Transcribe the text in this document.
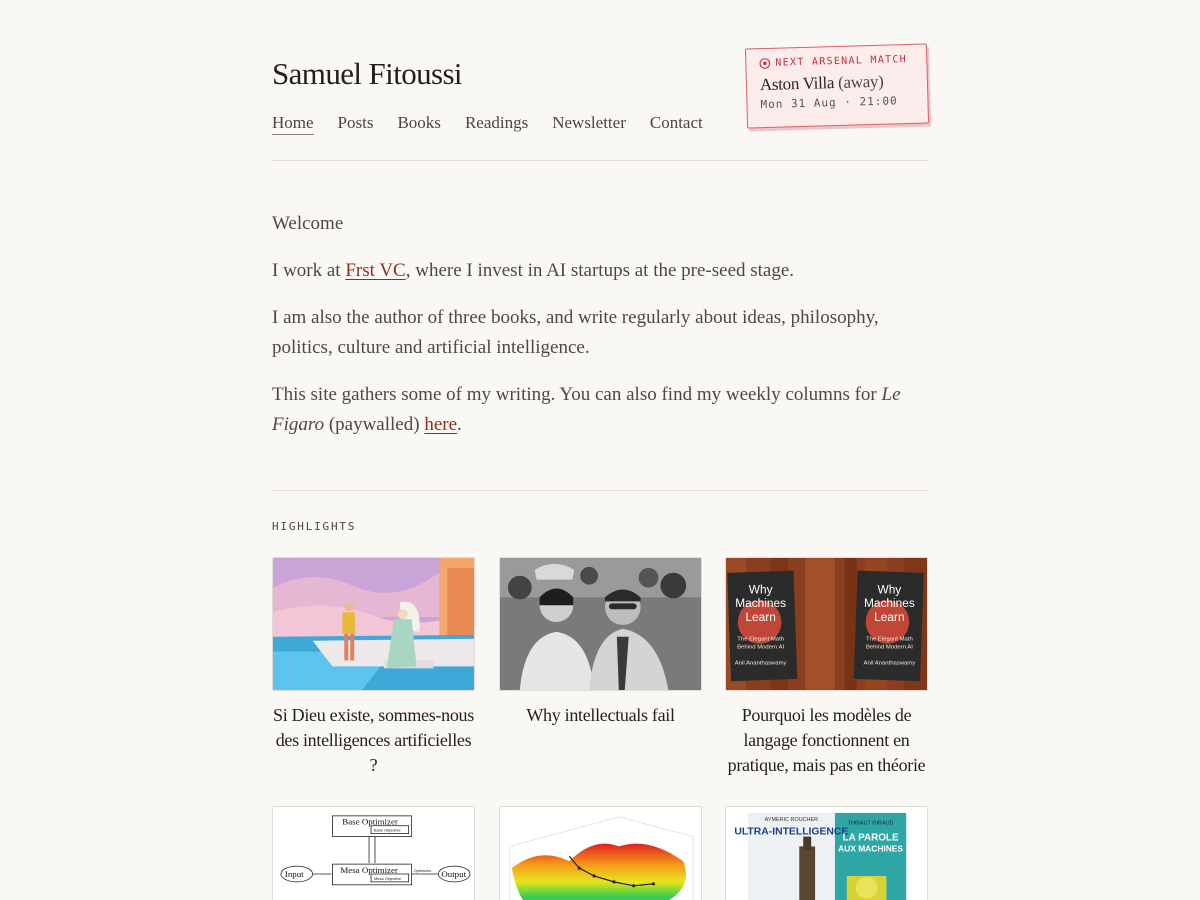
Samuel Fitoussi
Home Posts Books Readings Newsletter Contact
NEXT ARSENAL MATCH
Aston Villa (away)
Mon 31 Aug · 21:00

Welcome

I work at Frst VC, where I invest in AI startups at the pre-seed stage.

I am also the author of three books, and write regularly about ideas, philosophy, politics, culture and artificial intelligence.

This site gathers some of my writing. You can also find my weekly columns for Le Figaro (paywalled) here.

HIGHLIGHTS
Si Dieu existe, sommes-nous des intelligences artificielles ?
Why intellectuals fail
Why
Machines
Learn
Why
Machines
Learn
The Elegant Math
Behind Modern AI
Anil Ananthaswamy
The Elegant Math
Behind Modern AI
Anil Ananthaswamy
Pourquoi les modèles de langage fonctionnent en pratique, mais pas en théorie
Base Optimizer
Mesa Optimizer
Input	Output
Base Objective
Mesa Objective
Optimizes
AYMERIC ROUCHER
ULTRA-INTELLIGENCE
THIBAUT GIRAUD
LA PAROLE
AUX MACHINES
